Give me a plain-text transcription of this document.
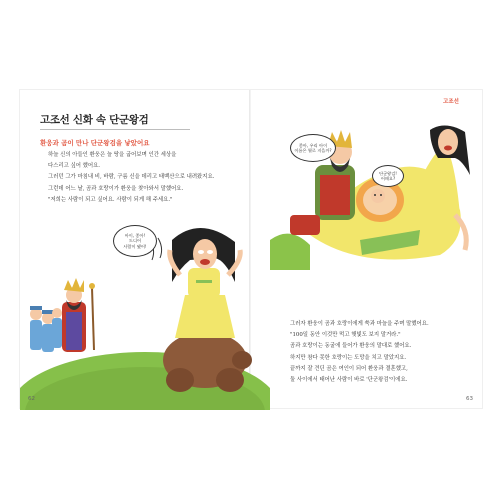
고조선 신화 속 단군왕검
환웅과 곰이 만나 단군왕검을 낳았어요
하늘 신의 아들인 환웅은 늘 땅을 굽어보며 인간 세상을
다스리고 싶어 했어요.
그러던 그가 마침내 비, 바람, 구름 신을 데리고 태백산으로 내려왔지요.
그런데 어느 날, 곰과 호랑이가 환웅을 찾아와서 말했어요.
"저희는 사람이 되고 싶어요. 사람이 되게 해 주세요."
고조선
아이, 좋아!
드디어
사람이 됐어!
62
좋아, 우리 아이
이름은 뭘로 지을까?
단군왕검!
어때요?
그러자 환웅이 곰과 호랑이에게 쑥과 마늘을 주며 말했어요.
"100일 동안 이것만 먹고 햇빛도 보지 말거라."
곰과 호랑이는 동굴에 들어가 환웅의 말대로 했어요.
하지만 참다 못한 호랑이는 도망을 치고 말았지요.
끝까지 잘 견딘 곰은 여인이 되어 환웅과 결혼했고,
둘 사이에서 태어난 사람이 바로 '단군왕검'이에요.
63
